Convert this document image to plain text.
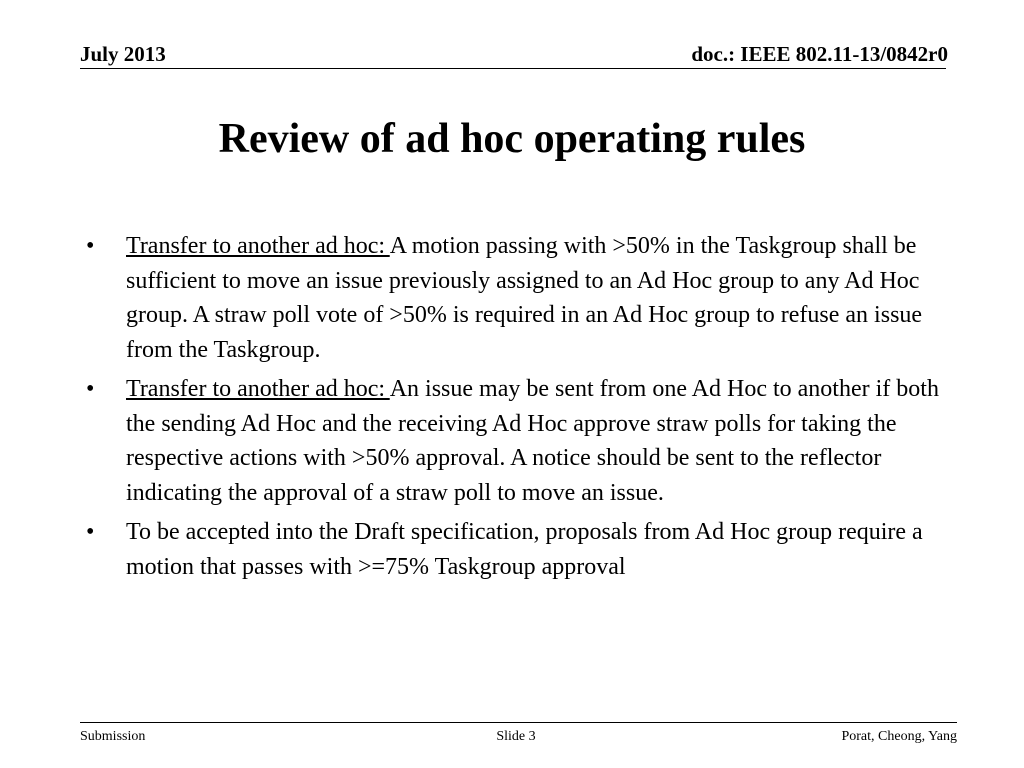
July 2013	doc.: IEEE 802.11-13/0842r0
Review of ad hoc operating rules
•	Transfer to another ad hoc: A motion passing with >50% in the Taskgroup shall be sufficient to move an issue previously assigned to an Ad Hoc group to any Ad Hoc group. A straw poll vote of >50% is required in an Ad Hoc group to refuse an issue from the Taskgroup.
•	Transfer to another ad hoc: An issue may be sent from one Ad Hoc to another if both the sending Ad Hoc and the receiving Ad Hoc approve straw polls for taking the respective actions with >50% approval. A notice should be sent to the reflector indicating the approval of a straw poll to move an issue.
•	To be accepted into the Draft specification, proposals from Ad Hoc group require a motion that passes with >=75% Taskgroup approval
Submission	Slide 3	Porat, Cheong, Yang
